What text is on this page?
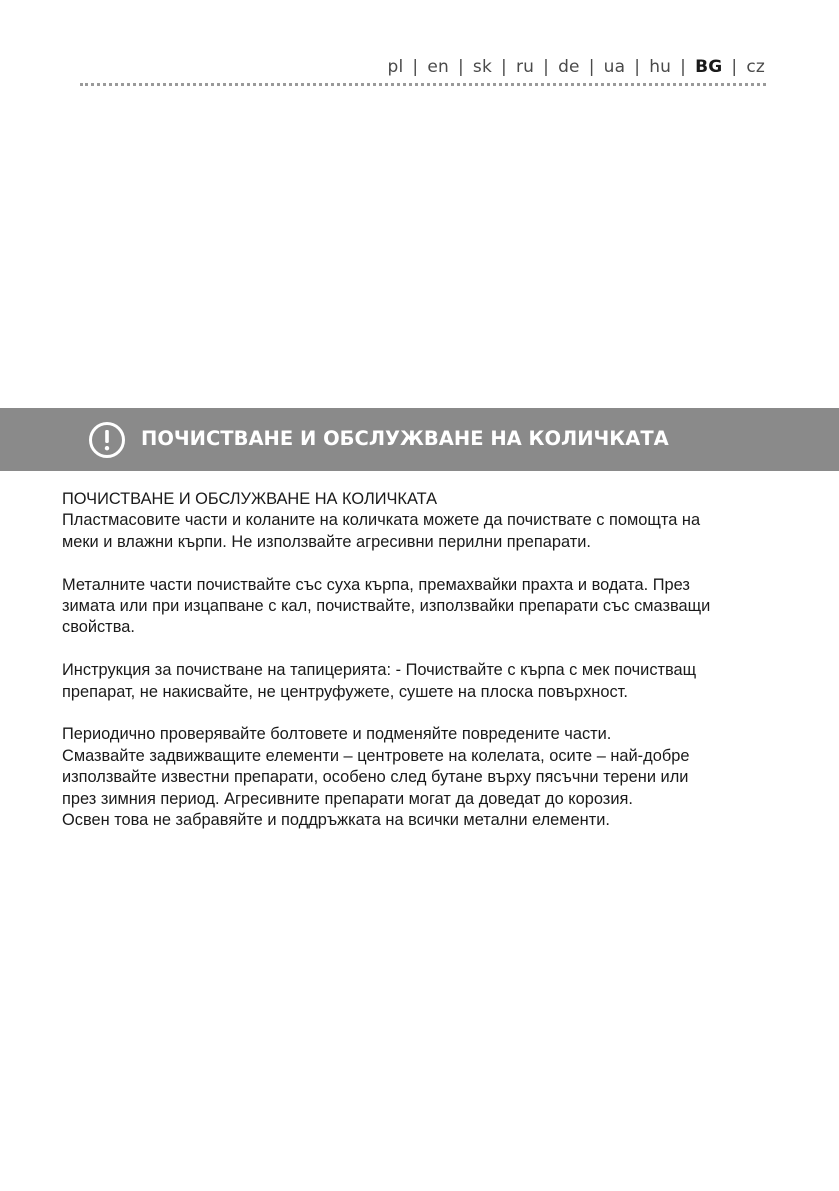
pl | en | sk | ru | de | ua | hu | BG | cz
ПОЧИСТВАНЕ И ОБСЛУЖВАНЕ НА КОЛИЧКАТА

ПОЧИСТВАНЕ И ОБСЛУЖВАНЕ НА КОЛИЧКАТА

Пластмасовите части и коланите на количката можете да почиствате с помощта на
меки и влажни кърпи. Не използвайте агресивни перилни препарати.

Металните части почиствайте със суха кърпа, премахвайки прахта и водата. През
зимата или при изцапване с кал, почиствайте, използвайки препарати със смазващи
свойства.

Инструкция за почистване на тапицерията: - Почиствайте с кърпа с мек почистващ
препарат, не накисвайте, не центруфужете, сушете на плоска повърхност.

Периодично проверявайте болтовете и подменяйте повредените части.
Смазвайте задвижващите елементи – центровете на колелата, осите – най-добре
използвайте известни препарати, особено след бутане върху пясъчни терени или
през зимния период. Агресивните препарати могат да доведат до корозия.
Освен това не забравяйте и поддръжката на всички метални елементи.
